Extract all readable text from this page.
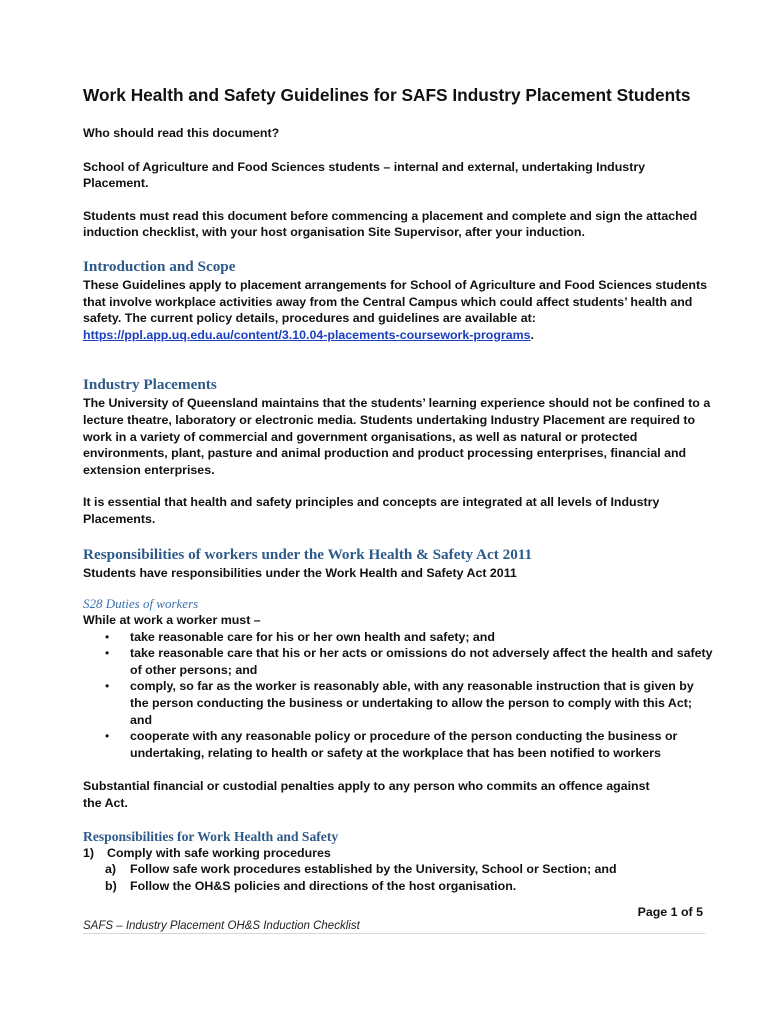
Work Health and Safety Guidelines for SAFS Industry Placement Students

Who should read this document?

School of Agriculture and Food Sciences students – internal and external, undertaking Industry Placement.

Students must read this document before commencing a placement and complete and sign the attached induction checklist, with your host organisation Site Supervisor, after your induction.

Introduction and Scope

These Guidelines apply to placement arrangements for School of Agriculture and Food Sciences students that involve workplace activities away from the Central Campus which could affect students’ health and safety. The current policy details, procedures and guidelines are available at:
https://ppl.app.uq.edu.au/content/3.10.04-placements-coursework-programs.

Industry Placements

The University of Queensland maintains that the students’ learning experience should not be confined to a lecture theatre, laboratory or electronic media. Students undertaking Industry Placement are required to work in a variety of commercial and government organisations, as well as natural or protected environments, plant, pasture and animal production and product processing enterprises, financial and extension enterprises.

It is essential that health and safety principles and concepts are integrated at all levels of Industry Placements.

Responsibilities of workers under the Work Health & Safety Act 2011

Students have responsibilities under the Work Health and Safety Act 2011

S28 Duties of workers

While at work a worker must –

• take reasonable care for his or her own health and safety; and
• take reasonable care that his or her acts or omissions do not adversely affect the health and safety of other persons; and
• comply, so far as the worker is reasonably able, with any reasonable instruction that is given by the person conducting the business or undertaking to allow the person to comply with this Act; and
• cooperate with any reasonable policy or procedure of the person conducting the business or undertaking, relating to health or safety at the workplace that has been notified to workers

Substantial financial or custodial penalties apply to any person who commits an offence against the Act.

Responsibilities for Work Health and Safety
1) Comply with safe working procedures
a) Follow safe work procedures established by the University, School or Section; and
b) Follow the OH&S policies and directions of the host organisation.
Page 1 of 5
SAFS – Industry Placement OH&S Induction Checklist
